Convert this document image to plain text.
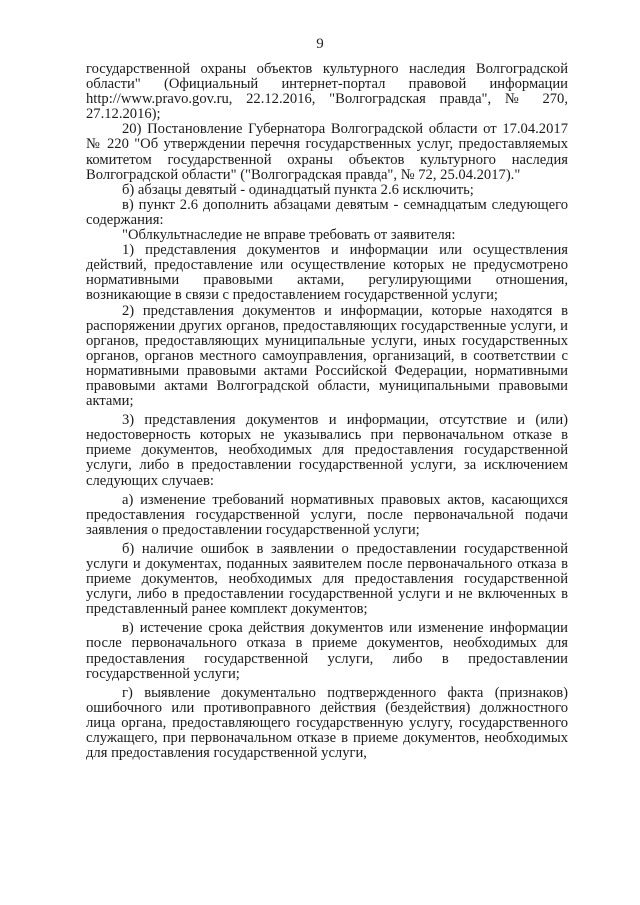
9

государственной охраны объектов культурного наследия Волгоградской области" (Официальный интернет-портал правовой информации http://www.pravo.gov.ru, 22.12.2016, "Волгоградская правда", № 270, 27.12.2016);

20) Постановление Губернатора Волгоградской области от 17.04.2017 № 220 "Об утверждении перечня государственных услуг, предоставляемых комитетом государственной охраны объектов культурного наследия Волгоградской области" ("Волгоградская правда", № 72, 25.04.2017)."

б) абзацы девятый - одинадцатый пункта 2.6 исключить;

в) пункт 2.6 дополнить абзацами девятым - семнадцатым следующего содержания:

"Облкультнаследие не вправе требовать от заявителя:

1) представления документов и информации или осуществления действий, предоставление или осуществление которых не предусмотрено нормативными правовыми актами, регулирующими отношения, возникающие в связи с предоставлением государственной услуги;

2) представления документов и информации, которые находятся в распоряжении других органов, предоставляющих государственные услуги, и органов, предоставляющих муниципальные услуги, иных государственных органов, органов местного самоуправления, организаций, в соответствии с нормативными правовыми актами Российской Федерации, нормативными правовыми актами Волгоградской области, муниципальными правовыми актами;

3) представления документов и информации, отсутствие и (или) недостоверность которых не указывались при первоначальном отказе в приеме документов, необходимых для предоставления государственной услуги, либо в предоставлении государственной услуги, за исключением следующих случаев:

а) изменение требований нормативных правовых актов, касающихся предоставления государственной услуги, после первоначальной подачи заявления о предоставлении государственной услуги;

б) наличие ошибок в заявлении о предоставлении государственной услуги и документах, поданных заявителем после первоначального отказа в приеме документов, необходимых для предоставления государственной услуги, либо в предоставлении государственной услуги и не включенных в представленный ранее комплект документов;

в) истечение срока действия документов или изменение информации после первоначального отказа в приеме документов, необходимых для предоставления государственной услуги, либо в предоставлении государственной услуги;

г) выявление документально подтвержденного факта (признаков) ошибочного или противоправного действия (бездействия) должностного лица органа, предоставляющего государственную услугу, государственного служащего, при первоначальном отказе в приеме документов, необходимых для предоставления государственной услуги,
